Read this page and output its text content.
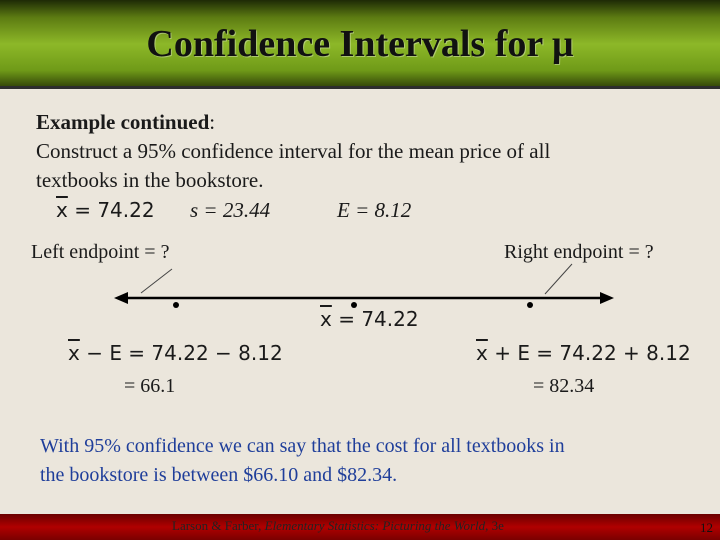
Confidence Intervals for μ
Example continued:
Construct a 95% confidence interval for the mean price of all
textbooks in the bookstore.
$\overline{x} = 74.22$ s = 23.44	E = 8.12
Left endpoint = ?	Right endpoint = ?
$\overline{x} = 74.22$
$\overline{x} - E = 74.22 - 8.12$
= 66.1
$\overline{x} + E = 74.22 + 8.12$
= 82.34
With 95% confidence we can say that the cost for all textbooks in
the bookstore is between $66.10 and $82.34.
Larson & Farber, Elementary Statistics: Picturing the World, 3e	12
